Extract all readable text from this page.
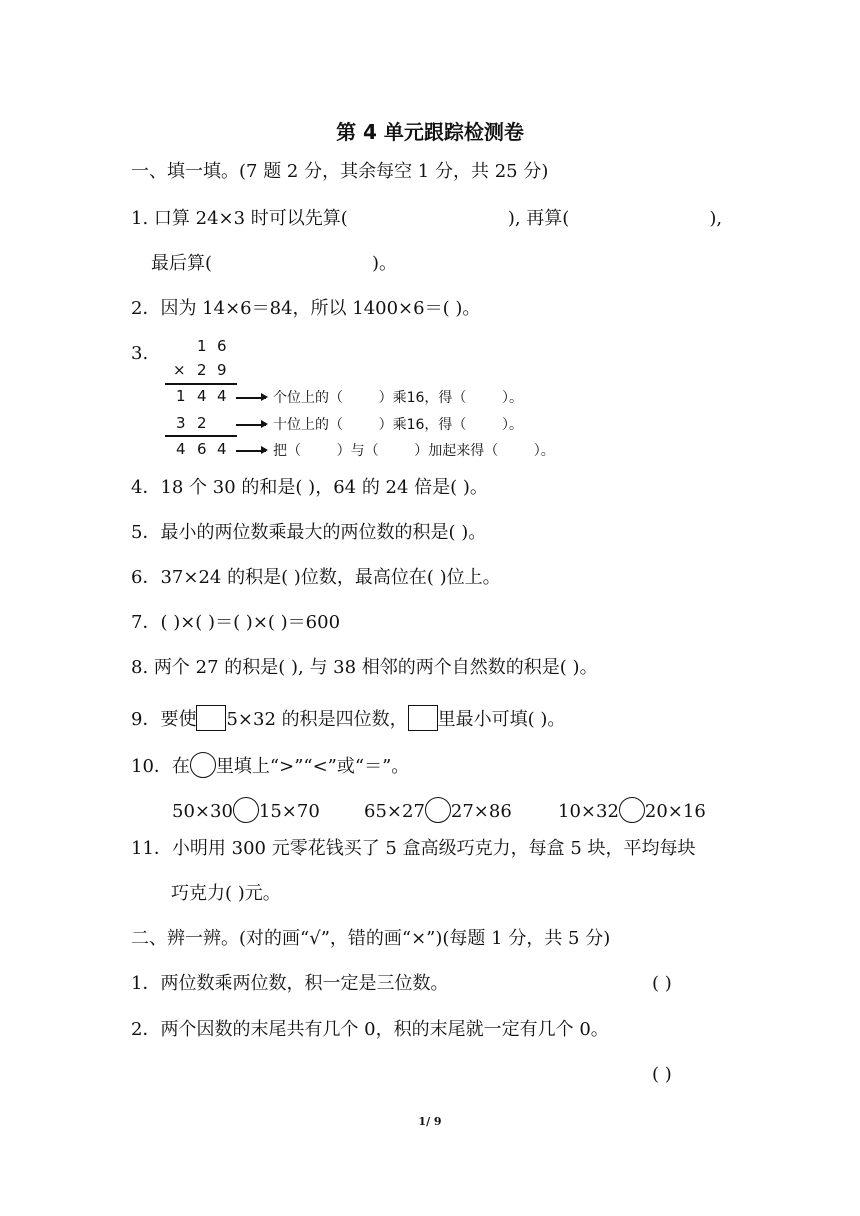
第 4 单元跟踪检测卷
一、填一填。(7 题 2 分，其余每空 1 分，共 25 分)
1. 口算 24×3 时可以先算(	), 再算(	),
最后算(	)。
2．因为 14×6＝84，所以 1400×6＝( )。
3.	1 6
× 2 9
1 4 4	个位上的（        ）乘16，得（        ）。
3 2	十位上的（        ）乘16，得（        ）。
4 6 4	把（        ）与（        ）加起来得（        ）。
4．18 个 30 的和是( )，64 的 24 倍是( )。
5．最小的两位数乘最大的两位数的积是( )。
6．37×24 的积是( )位数，最高位在( )位上。
7．( )×( )＝( )×( )＝600
8. 两个 27 的积是( ), 与 38 相邻的两个自然数的积是( )。
9．要使 5×32 的积是四位数， 里最小可填( )。
10．在 里填上“>”“<”或“＝”。
50×30 15×70 65×27 27×86	10×32 20×16
11．小明用 300 元零花钱买了 5 盒高级巧克力，每盒 5 块，平均每块
巧克力( )元。
二、辨一辨。(对的画“√”，错的画“×”)(每题 1 分，共 5 分)
1．两位数乘两位数，积一定是三位数。	( )
2．两个因数的末尾共有几个 0，积的末尾就一定有几个 0。
( )
1/ 9
